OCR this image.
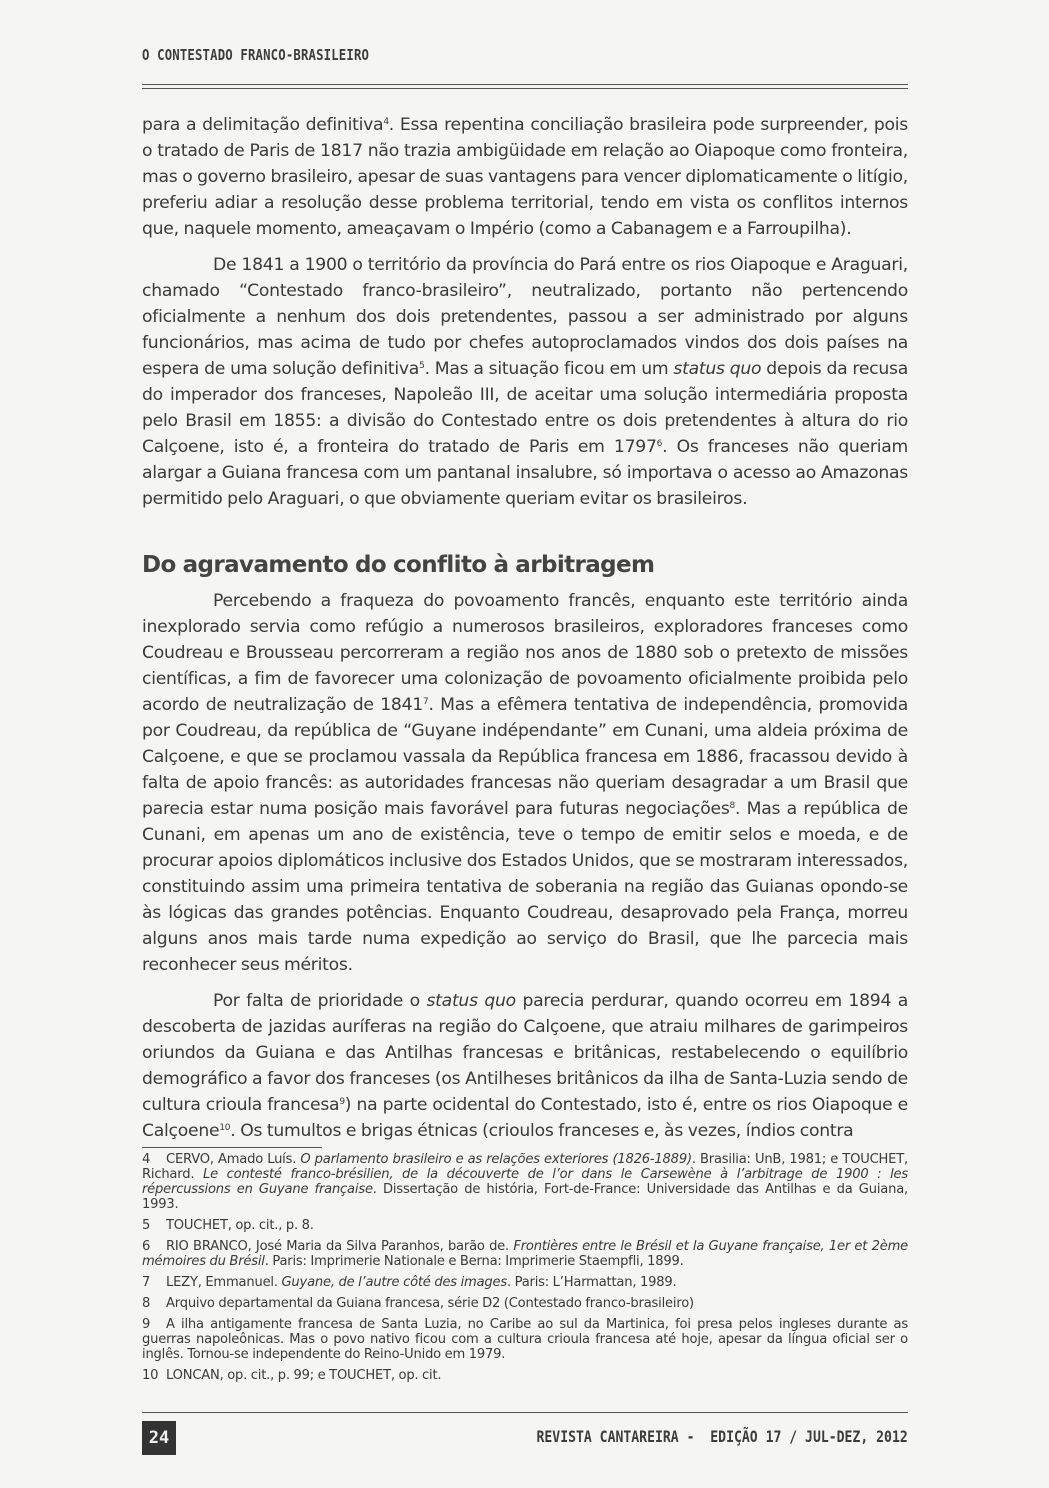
O CONTESTADO FRANCO-BRASILEIRO

para a delimitação definitiva$^4$. Essa repentina conciliação brasileira pode surpreender, pois o tratado de Paris de 1817 não trazia ambigüidade em relação ao Oiapoque como fronteira, mas o governo brasileiro, apesar de suas vantagens para vencer diplomaticamente o litígio, preferiu adiar a resolução desse problema territorial, tendo em vista os conflitos internos que, naquele momento, ameaçavam o Império (como a Cabanagem e a Farroupilha).

De 1841 a 1900 o território da província do Pará entre os rios Oiapoque e Araguari, chamado “Contestado franco-brasileiro”, neutralizado, portanto não pertencendo oficialmente a nenhum dos dois pretendentes, passou a ser administrado por alguns funcionários, mas acima de tudo por chefes autoproclamados vindos dos dois países na espera de uma solução definitiva$^5$. Mas a situação ficou em um status quo depois da recusa do imperador dos franceses, Napoleão III, de aceitar uma solução intermediária proposta pelo Brasil em 1855: a divisão do Contestado entre os dois pretendentes à altura do rio Calçoene, isto é, a fronteira do tratado de Paris em 1797$^6$. Os franceses não queriam alargar a Guiana francesa com um pantanal insalubre, só importava o acesso ao Amazonas permitido pelo Araguari, o que obviamente queriam evitar os brasileiros.

Do agravamento do conflito à arbitragem

Percebendo a fraqueza do povoamento francês, enquanto este território ainda inexplorado servia como refúgio a numerosos brasileiros, exploradores franceses como Coudreau e Brousseau percorreram a região nos anos de 1880 sob o pretexto de missões científicas, a fim de favorecer uma colonização de povoamento oficialmente proibida pelo acordo de neutralização de 1841$^7$. Mas a efêmera tentativa de independência, promovida por Coudreau, da república de “Guyane indépendante” em Cunani, uma aldeia próxima de Calçoene, e que se proclamou vassala da República francesa em 1886, fracassou devido à falta de apoio francês: as autoridades francesas não queriam desagradar a um Brasil que parecia estar numa posição mais favorável para futuras negociações$^8$. Mas a república de Cunani, em apenas um ano de existência, teve o tempo de emitir selos e moeda, e de procurar apoios diplomáticos inclusive dos Estados Unidos, que se mostraram interessados, constituindo assim uma primeira tentativa de soberania na região das Guianas opondo-se às lógicas das grandes potências. Enquanto Coudreau, desaprovado pela França, morreu alguns anos mais tarde numa expedição ao serviço do Brasil, que lhe parcecia mais reconhecer seus méritos.

Por falta de prioridade o status quo parecia perdurar, quando ocorreu em 1894 a descoberta de jazidas auríferas na região do Calçoene, que atraiu milhares de garimpeiros oriundos da Guiana e das Antilhas francesas e britânicas, restabelecendo o equilíbrio demográfico a favor dos franceses (os Antilheses britânicos da ilha de Santa-Luzia sendo de cultura crioula francesa$^9$) na parte ocidental do Contestado, isto é, entre os rios Oiapoque e Calçoene$^{10}$. Os tumultos e brigas étnicas (crioulos franceses e, às vezes, índios contra

4 CERVO, Amado Luís. O parlamento brasileiro e as relações exteriores (1826-1889). Brasilia: UnB, 1981; e TOUCHET, Richard. Le contesté franco-brésilien, de la découverte de l’or dans le Carsewène à l’arbitrage de 1900 : les répercussions en Guyane française. Dissertação de história, Fort-de-France: Universidade das Antilhas e da Guiana, 1993.
5 TOUCHET, op. cit., p. 8.
6 RIO BRANCO, José Maria da Silva Paranhos, barão de. Frontières entre le Brésil et la Guyane française, 1er et 2ème mémoires du Brésil. Paris: Imprimerie Nationale e Berna: Imprimerie Staempfli, 1899.
7 LEZY, Emmanuel. Guyane, de l’autre côté des images. Paris: L’Harmattan, 1989.
8 Arquivo departamental da Guiana francesa, série D2 (Contestado franco-brasileiro)
9 A ilha antigamente francesa de Santa Luzia, no Caribe ao sul da Martinica, foi presa pelos ingleses durante as guerras napoleônicas. Mas o povo nativo ficou com a cultura crioula francesa até hoje, apesar da língua oficial ser o inglês. Tornou-se independente do Reino-Unido em 1979.
10 LONCAN, op. cit., p. 99; e TOUCHET, op. cit.
24	REVISTA CANTAREIRA -  EDIÇÃO 17 / JUL-DEZ, 2012
